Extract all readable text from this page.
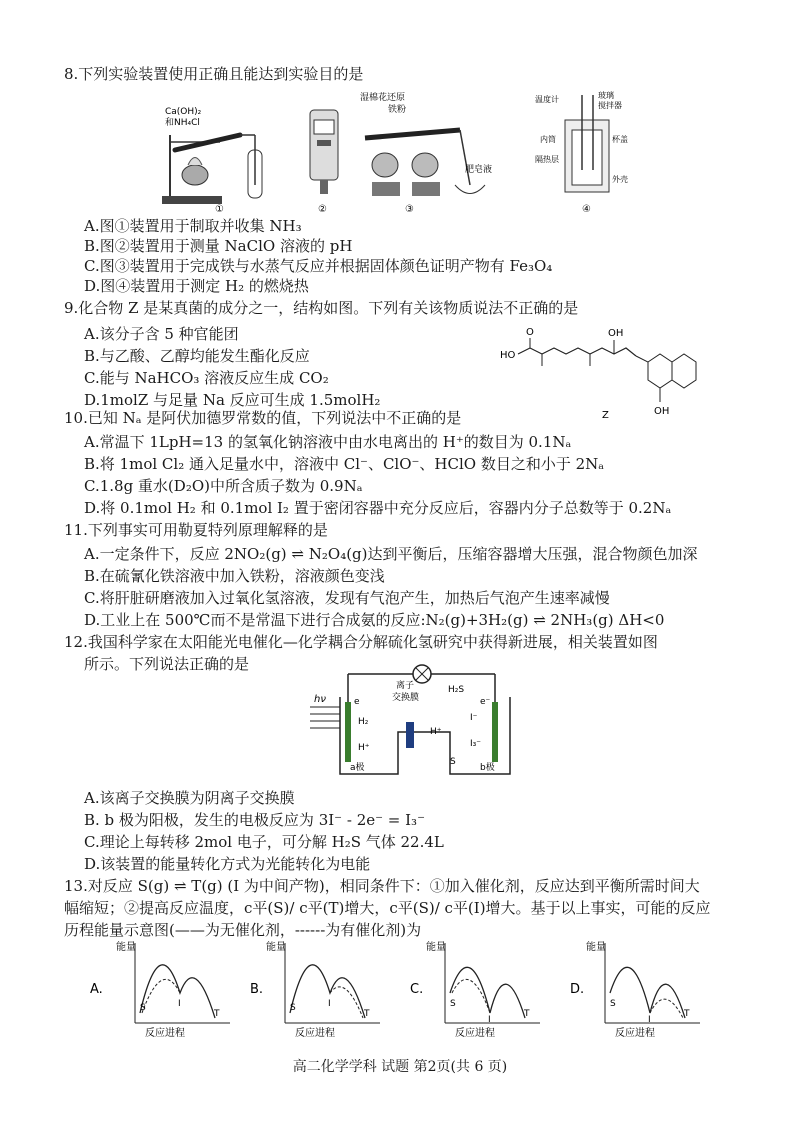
8.下列实验装置使用正确且能达到实验目的是
Ca(OH)₂
和NH₄Cl
①	②
湿棉花还原
铁粉
肥皂液
③
温度计	玻璃
搅拌器
内筒	杯盖
隔热层
外壳
④
A.图①装置用于制取并收集 NH₃
B.图②装置用于测量 NaClO 溶液的 pH
C.图③装置用于完成铁与水蒸气反应并根据固体颜色证明产物有 Fe₃O₄
D.图④装置用于测定 H₂ 的燃烧热
9.化合物 Z 是某真菌的成分之一，结构如图。下列有关该物质说法不正确的是
A.该分子含 5 种官能团
B.与乙酸、乙醇均能发生酯化反应
C.能与 NaHCO₃ 溶液反应生成 CO₂
D.1molZ 与足量 Na 反应可生成 1.5molH₂
HO
O	OH
OH
Z
10.已知 Nₐ 是阿伏加德罗常数的值，下列说法中不正确的是
A.常温下 1LpH=13 的氢氧化钠溶液中由水电离出的 H⁺的数目为 0.1Nₐ
B.将 1mol Cl₂ 通入足量水中，溶液中 Cl⁻、ClO⁻、HClO 数目之和小于 2Nₐ
C.1.8g 重水(D₂O)中所含质子数为 0.9Nₐ
D.将 0.1mol H₂ 和 0.1mol I₂ 置于密闭容器中充分反应后，容器内分子总数等于 0.2Nₐ
11.下列事实可用勒夏特列原理解释的是
A.一定条件下，反应 2NO₂(g) ⇌ N₂O₄(g)达到平衡后，压缩容器增大压强，混合物颜色加深
B.在硫氰化铁溶液中加入铁粉，溶液颜色变浅
C.将肝脏研磨液加入过氧化氢溶液，发现有气泡产生，加热后气泡产生速率减慢
D.工业上在 500℃而不是常温下进行合成氨的反应:N₂(g)+3H₂(g) ⇌ 2NH₃(g) ΔH<0
12.我国科学家在太阳能光电催化—化学耦合分解硫化氢研究中获得新进展，相关装置如图
所示。下列说法正确的是
hν	e
H₂
H⁺
离子
交换膜
H₂S
H⁺
S
e⁻
I⁻
I₃⁻
a极	b极
A.该离子交换膜为阴离子交换膜
B. b 极为阳极，发生的电极反应为 3I⁻ - 2e⁻ = I₃⁻
C.理论上每转移 2mol 电子，可分解 H₂S 气体 22.4L
D.该装置的能量转化方式为光能转化为电能
13.对反应 S(g) ⇌ T(g) (I 为中间产物)，相同条件下：①加入催化剂，反应达到平衡所需时间大
幅缩短；②提高反应温度，c平(S)/ c平(T)增大，c平(S)/ c平(I)增大。基于以上事实，可能的反应
历程能量示意图(——为无催化剂，------为有催化剂)为
A.
能量
反应进程
S	I
T
B.
能量
反应进程
S	I
T
C.
能量
反应进程
S
I
T
D.
能量
反应进程
S
I
T
高二化学学科 试题 第2页(共 6 页)
